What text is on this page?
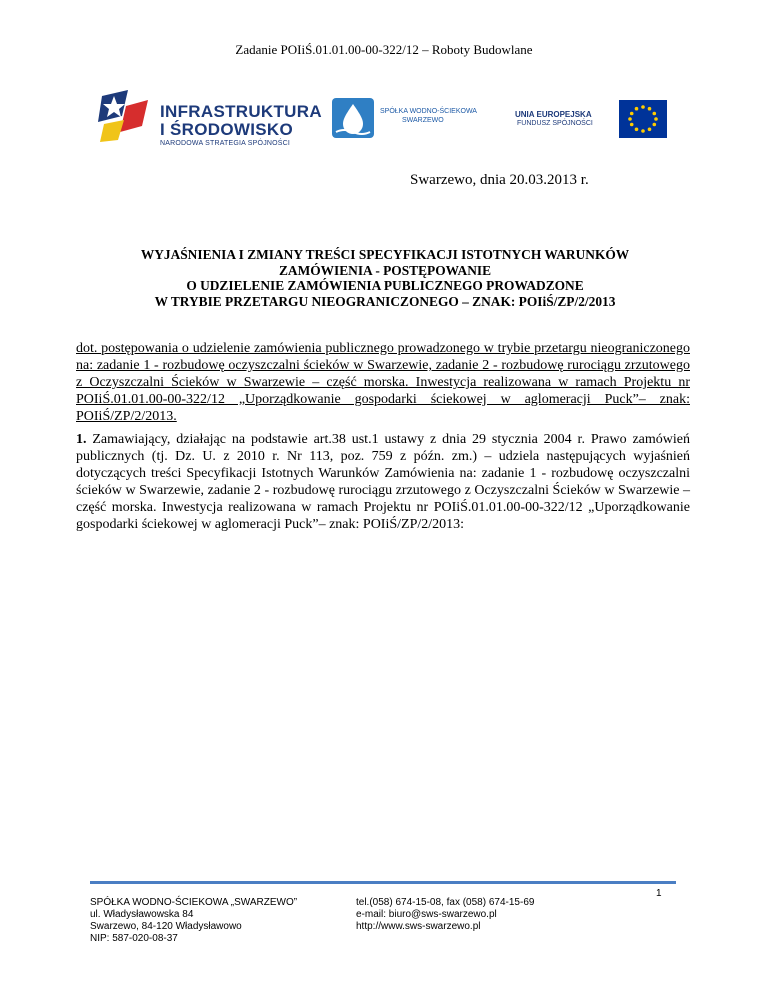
Zadanie POIiŚ.01.01.00-00-322/12 – Roboty Budowlane
INFRASTRUKTURA
I ŚRODOWISKO
NARODOWA STRATEGIA SPÓJNOŚCI
SPÓŁKA WODNO-ŚCIEKOWA
SWARZEWO
UNIA EUROPEJSKA
FUNDUSZ SPÓJNOŚCI
Swarzewo, dnia 20.03.2013 r.
WYJAŚNIENIA I ZMIANY TREŚCI SPECYFIKACJI ISTOTNYCH WARUNKÓW
ZAMÓWIENIA - POSTĘPOWANIE
O UDZIELENIE ZAMÓWIENIA PUBLICZNEGO PROWADZONE
W TRYBIE PRZETARGU NIEOGRANICZONEGO – ZNAK: POIiŚ/ZP/2/2013
dot. postępowania o udzielenie zamówienia publicznego prowadzonego w trybie przetargu nieograniczonego na: zadanie 1 - rozbudowę oczyszczalni ścieków w Swarzewie, zadanie 2 - rozbudowę rurociągu zrzutowego z Oczyszczalni Ścieków w Swarzewie – część morska. Inwestycja realizowana w ramach Projektu nr POIiŚ.01.01.00-00-322/12 „Uporządkowanie gospodarki ściekowej w aglomeracji Puck”– znak: POIiŚ/ZP/2/2013.
1. Zamawiający, działając na podstawie art.38 ust.1 ustawy z dnia 29 stycznia 2004 r. Prawo zamówień publicznych (tj. Dz. U. z 2010 r. Nr 113, poz. 759 z późn. zm.) – udziela następujących wyjaśnień dotyczących treści Specyfikacji Istotnych Warunków Zamówienia na: zadanie 1 - rozbudowę oczyszczalni ścieków w Swarzewie, zadanie 2 - rozbudowę rurociągu zrzutowego z Oczyszczalni Ścieków w Swarzewie – część morska. Inwestycja realizowana w ramach Projektu nr POIiŚ.01.01.00-00-322/12 „Uporządkowanie gospodarki ściekowej w aglomeracji Puck”– znak: POIiŚ/ZP/2/2013:
1
SPÓŁKA WODNO-ŚCIEKOWA „SWARZEWO”
ul. Władysławowska 84
Swarzewo, 84-120 Władysławowo
NIP: 587-020-08-37
tel.(058) 674-15-08, fax (058) 674-15-69
e-mail: biuro@sws-swarzewo.pl
http://www.sws-swarzewo.pl
